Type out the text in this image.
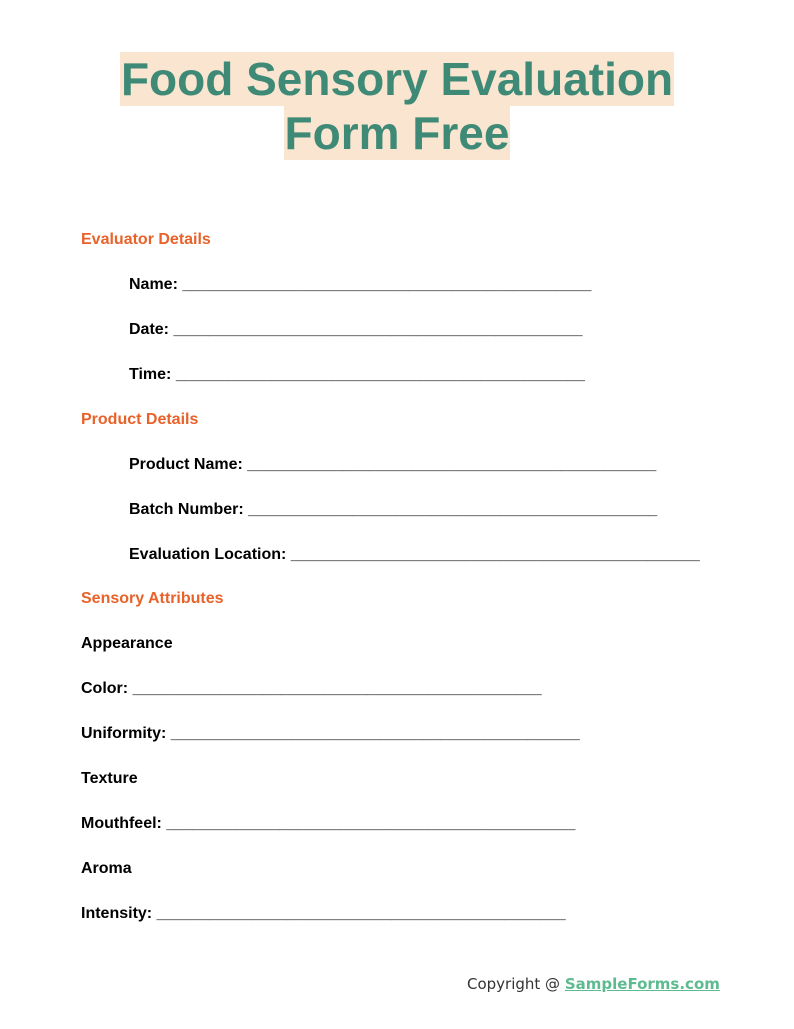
Food Sensory Evaluation
Form Free
Evaluator Details
Name: _______________________________________________
Date: _______________________________________________
Time: _______________________________________________
Product Details
Product Name: _______________________________________________
Batch Number: _______________________________________________
Evaluation Location: _______________________________________________
Sensory Attributes
Appearance
Color: _______________________________________________
Uniformity: _______________________________________________
Texture
Mouthfeel: _______________________________________________
Aroma
Intensity: _______________________________________________
Copyright @ SampleForms.com
